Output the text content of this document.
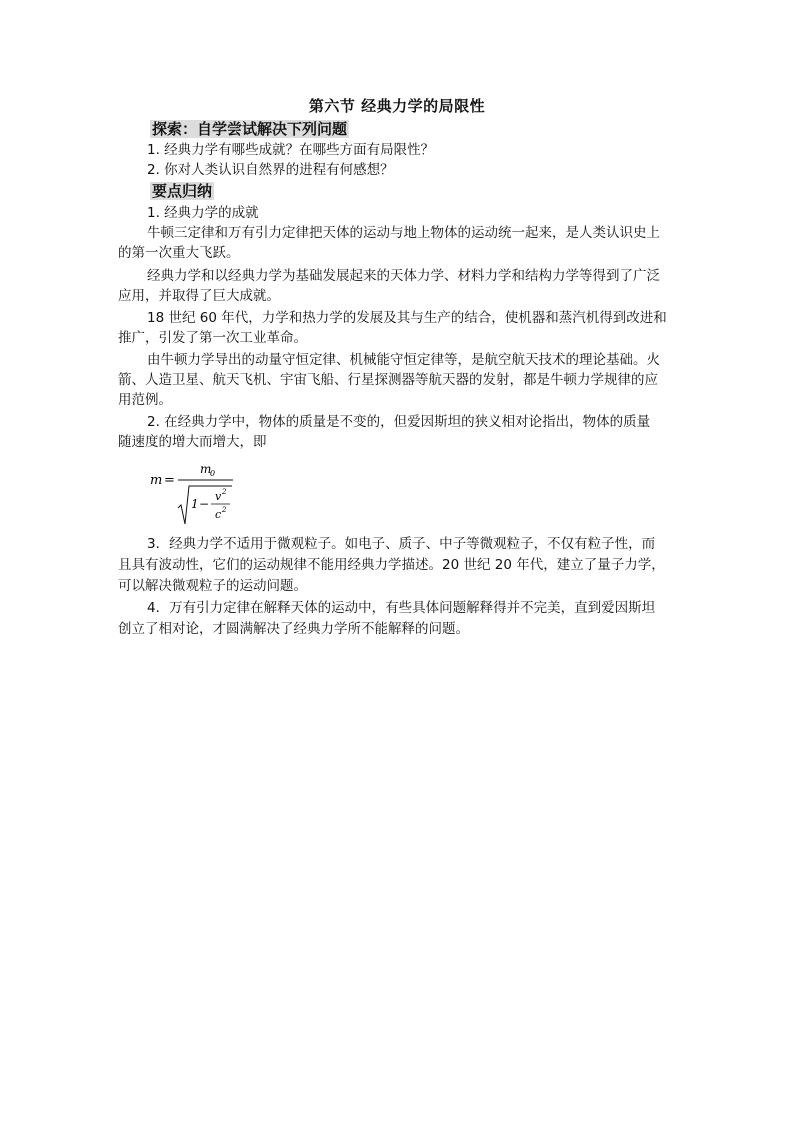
第六节 经典力学的局限性
探索：自学尝试解决下列问题
1. 经典力学有哪些成就？在哪些方面有局限性？
2. 你对人类认识自然界的进程有何感想？
要点归纳
1. 经典力学的成就
牛顿三定律和万有引力定律把天体的运动与地上物体的运动统一起来，是人类认识史上
的第一次重大飞跃。
经典力学和以经典力学为基础发展起来的天体力学、材料力学和结构力学等得到了广泛
应用，并取得了巨大成就。
18 世纪 60 年代，力学和热力学的发展及其与生产的结合，使机器和蒸汽机得到改进和
推广，引发了第一次工业革命。
由牛顿力学导出的动量守恒定律、机械能守恒定律等，是航空航天技术的理论基础。火
箭、人造卫星、航天飞机、宇宙飞船、行星探测器等航天器的发射，都是牛顿力学规律的应
用范例。
2. 在经典力学中，物体的质量是不变的，但爱因斯坦的狭义相对论指出，物体的质量
随速度的增大而增大，即
m =
m
0
1 −
v 2
c 2
3．经典力学不适用于微观粒子。如电子、质子、中子等微观粒子，不仅有粒子性，而
且具有波动性，它们的运动规律不能用经典力学描述。20 世纪 20 年代，建立了量子力学，
可以解决微观粒子的运动问题。
4．万有引力定律在解释天体的运动中，有些具体问题解释得并不完美，直到爱因斯坦
创立了相对论，才圆满解决了经典力学所不能解释的问题。
